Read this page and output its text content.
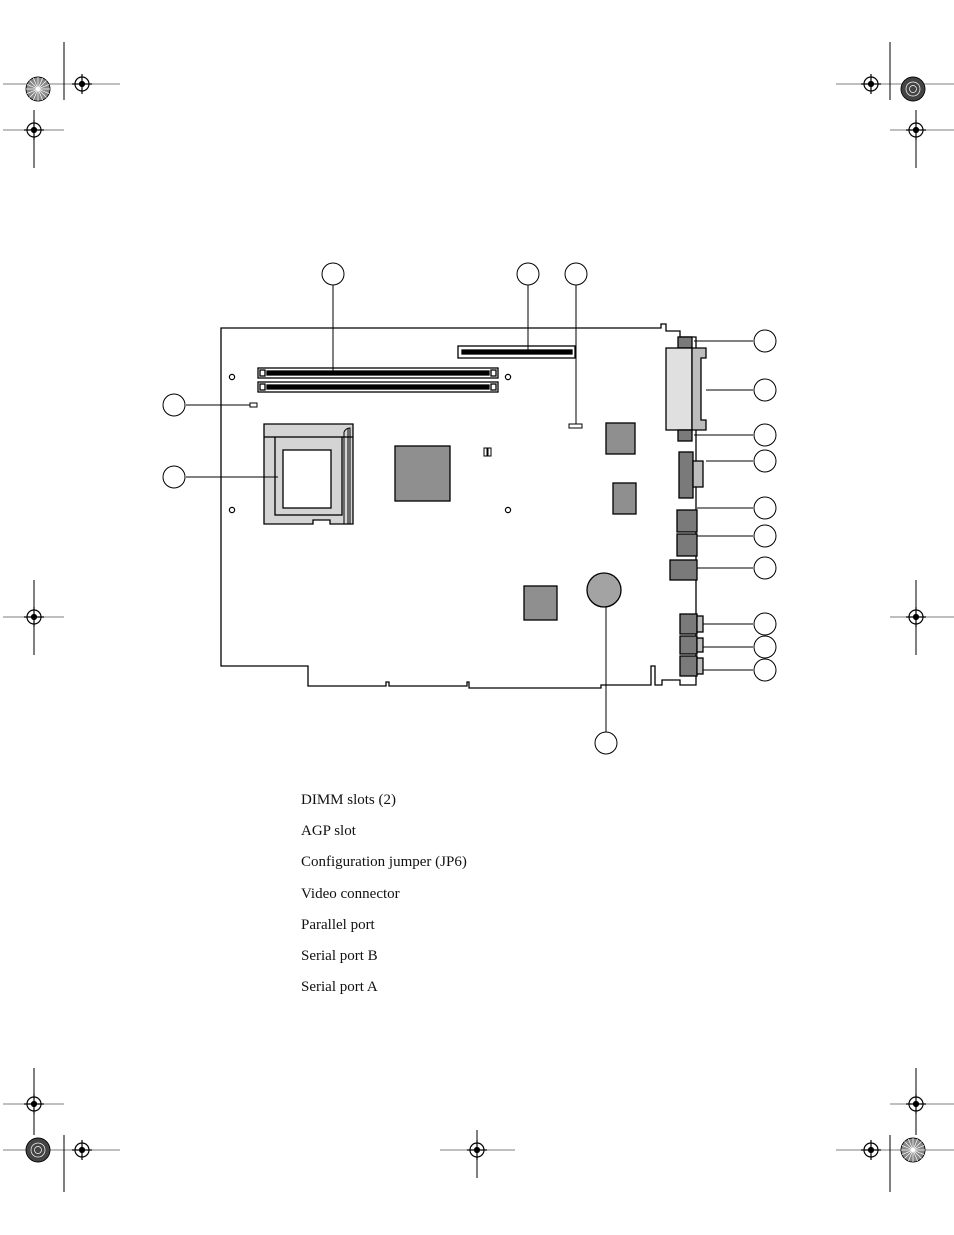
DIMM slots (2)
AGP slot
Configuration jumper (JP6)
Video connector
Parallel port
Serial port B
Serial port A
